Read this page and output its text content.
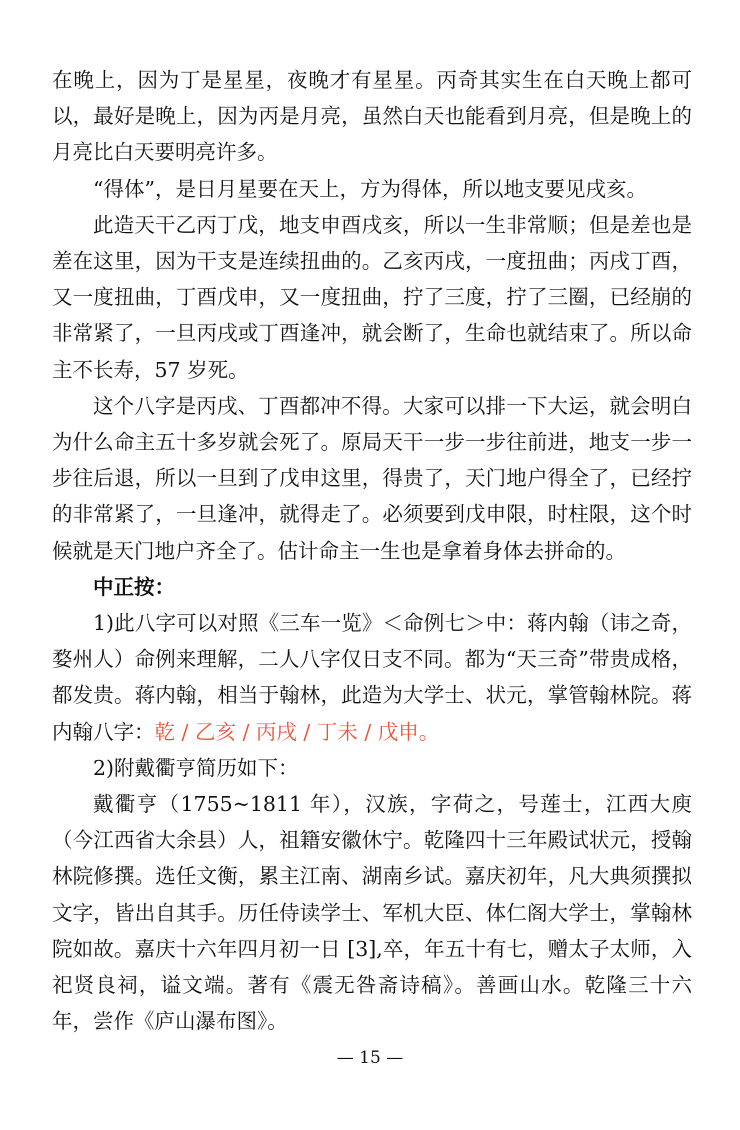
在晚上，因为丁是星星，夜晚才有星星。丙奇其实生在白天晚上都可以，最好是晚上，因为丙是月亮，虽然白天也能看到月亮，但是晚上的月亮比白天要明亮许多。

“得体”，是日月星要在天上，方为得体，所以地支要见戌亥。

此造天干乙丙丁戊，地支申酉戌亥，所以一生非常顺；但是差也是差在这里，因为干支是连续扭曲的。乙亥丙戌，一度扭曲；丙戌丁酉，又一度扭曲，丁酉戊申，又一度扭曲，拧了三度，拧了三圈，已经崩的非常紧了，一旦丙戌或丁酉逢冲，就会断了，生命也就结束了。所以命主不长寿，57 岁死。

这个八字是丙戌、丁酉都冲不得。大家可以排一下大运，就会明白为什么命主五十多岁就会死了。原局天干一步一步往前进，地支一步一步往后退，所以一旦到了戊申这里，得贵了，天门地户得全了，已经拧的非常紧了，一旦逢冲，就得走了。必须要到戊申限，时柱限，这个时候就是天门地户齐全了。估计命主一生也是拿着身体去拼命的。

中正按：

1)此八字可以对照《三车一览》＜命例七＞中：蒋内翰（讳之奇，婺州人）命例来理解，二人八字仅日支不同。都为“天三奇”带贵成格，都发贵。蒋内翰，相当于翰林，此造为大学士、状元，掌管翰林院。蒋内翰八字：乾 / 乙亥 / 丙戌 / 丁未 / 戊申。

2)附戴衢亨简历如下：

戴衢亨（1755~1811 年），汉族，字荷之，号莲士，江西大庾（今江西省大余县）人，祖籍安徽休宁。乾隆四十三年殿试状元，授翰林院修撰。选任文衡，累主江南、湖南乡试。嘉庆初年，凡大典须撰拟文字，皆出自其手。历任侍读学士、军机大臣、体仁阁大学士，掌翰林院如故。嘉庆十六年四月初一日 [3],卒，年五十有七，赠太子太师，入祀贤良祠，谥文端。著有《震无咎斋诗稿》。善画山水。乾隆三十六年，尝作《庐山瀑布图》。

— 15 —
